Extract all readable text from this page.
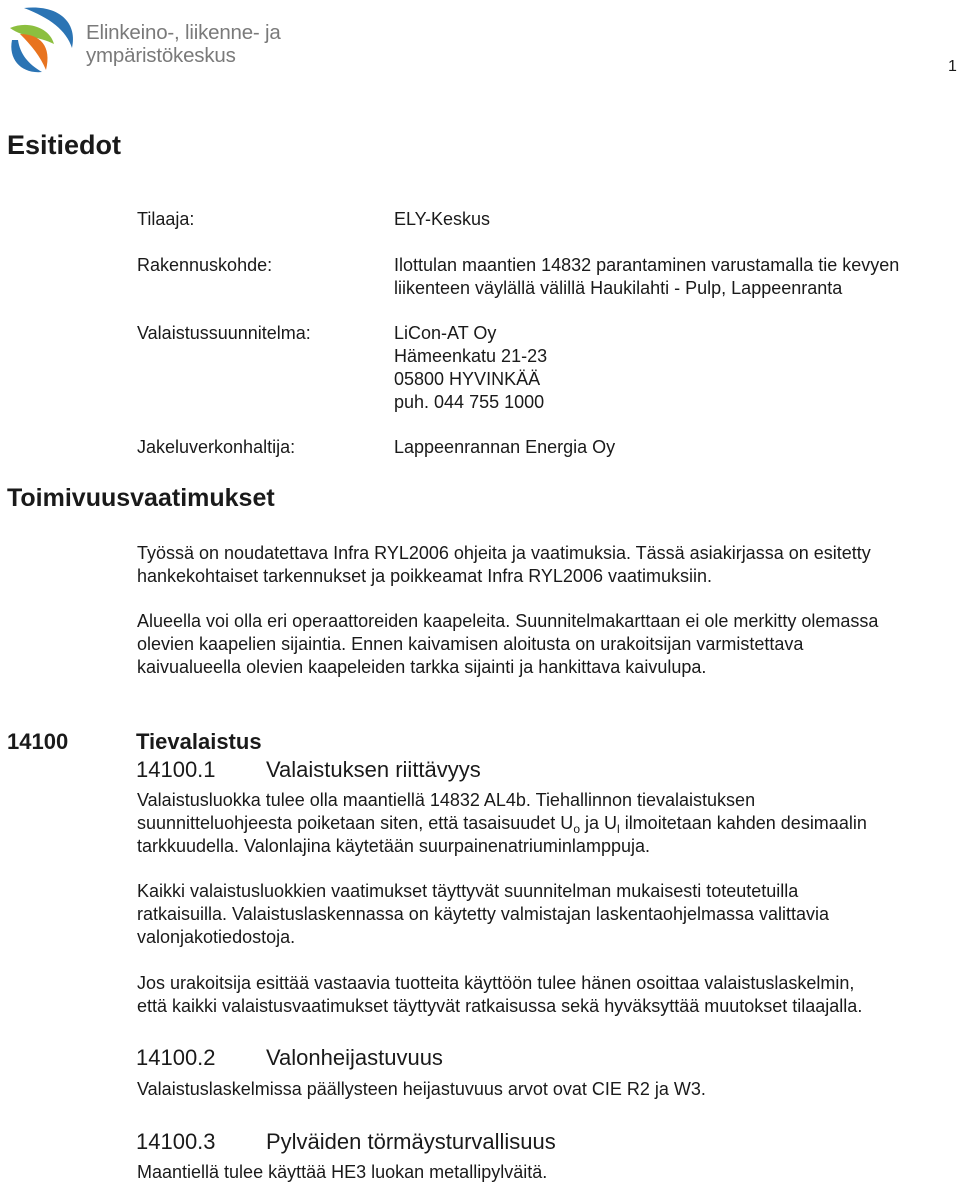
Elinkeino-, liikenne- ja
ympäristökeskus	1
Esitiedot
Tilaaja:	ELY-Keskus
Rakennuskohde:	Ilottulan maantien 14832 parantaminen varustamalla tie kevyen
liikenteen väylällä välillä Haukilahti - Pulp, Lappeenranta
Valaistussuunnitelma:	LiCon-AT Oy
Hämeenkatu 21-23
05800 HYVINKÄÄ
puh. 044 755 1000
Jakeluverkonhaltija:	Lappeenrannan Energia Oy
Toimivuusvaatimukset
Työssä on noudatettava Infra RYL2006 ohjeita ja vaatimuksia. Tässä asiakirjassa on esitetty
hankekohtaiset tarkennukset ja poikkeamat Infra RYL2006 vaatimuksiin.
Alueella voi olla eri operaattoreiden kaapeleita. Suunnitelmakarttaan ei ole merkitty olemassa
olevien kaapelien sijaintia. Ennen kaivamisen aloitusta on urakoitsijan varmistettava
kaivualueella olevien kaapeleiden tarkka sijainti ja hankittava kaivulupa.
14100	Tievalaistus
14100.1 Valaistuksen riittävyys
Valaistusluokka tulee olla maantiellä 14832 AL4b. Tiehallinnon tievalaistuksen
suunnitteluohjeesta poiketaan siten, että tasaisuudet $U_o$ ja $U_l$ ilmoitetaan kahden desimaalin
tarkkuudella. Valonlajina käytetään suurpainenatriuminlamppuja.
Kaikki valaistusluokkien vaatimukset täyttyvät suunnitelman mukaisesti toteutetuilla
ratkaisuilla. Valaistuslaskennassa on käytetty valmistajan laskentaohjelmassa valittavia
valonjakotiedostoja.
Jos urakoitsija esittää vastaavia tuotteita käyttöön tulee hänen osoittaa valaistuslaskelmin,
että kaikki valaistusvaatimukset täyttyvät ratkaisussa sekä hyväksyttää muutokset tilaajalla.
14100.2 Valonheijastuvuus
Valaistuslaskelmissa päällysteen heijastuvuus arvot ovat CIE R2 ja W3.
14100.3 Pylväiden törmäysturvallisuus
Maantiellä tulee käyttää HE3 luokan metallipylväitä.
